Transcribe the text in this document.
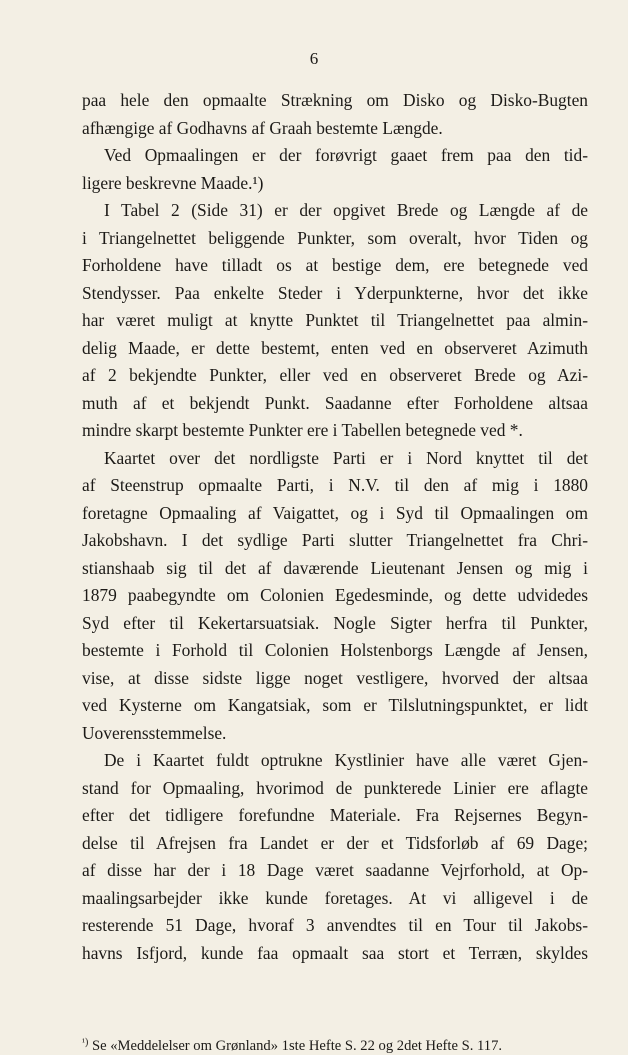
6
paa hele den opmaalte Strækning om Disko og Disko-Bugten
afhængige af Godhavns af Graah bestemte Længde.
Ved Opmaalingen er der forøvrigt gaaet frem paa den tid-
ligere beskrevne Maade.¹)
I Tabel 2 (Side 31) er der opgivet Brede og Længde af de
i Triangelnettet beliggende Punkter, som overalt, hvor Tiden og
Forholdene have tilladt os at bestige dem, ere betegnede ved
Stendysser. Paa enkelte Steder i Yderpunkterne, hvor det ikke
har været muligt at knytte Punktet til Triangelnettet paa almin-
delig Maade, er dette bestemt, enten ved en observeret Azimuth
af 2 bekjendte Punkter, eller ved en observeret Brede og Azi-
muth af et bekjendt Punkt. Saadanne efter Forholdene altsaa
mindre skarpt bestemte Punkter ere i Tabellen betegnede ved *.
Kaartet over det nordligste Parti er i Nord knyttet til det
af Steenstrup opmaalte Parti, i N.V. til den af mig i 1880
foretagne Opmaaling af Vaigattet, og i Syd til Opmaalingen om
Jakobshavn. I det sydlige Parti slutter Triangelnettet fra Chri-
stianshaab sig til det af daværende Lieutenant Jensen og mig i
1879 paabegyndte om Colonien Egedesminde, og dette udvidedes
Syd efter til Kekertarsuatsiak. Nogle Sigter herfra til Punkter,
bestemte i Forhold til Colonien Holstenborgs Længde af Jensen,
vise, at disse sidste ligge noget vestligere, hvorved der altsaa
ved Kysterne om Kangatsiak, som er Tilslutningspunktet, er lidt
Uoverensstemmelse.
De i Kaartet fuldt optrukne Kystlinier have alle været Gjen-
stand for Opmaaling, hvorimod de punkterede Linier ere aflagte
efter det tidligere forefundne Materiale. Fra Rejsernes Begyn-
delse til Afrejsen fra Landet er der et Tidsforløb af 69 Dage;
af disse har der i 18 Dage været saadanne Vejrforhold, at Op-
maalingsarbejder ikke kunde foretages. At vi alligevel i de
resterende 51 Dage, hvoraf 3 anvendtes til en Tour til Jakobs-
havns Isfjord, kunde faa opmaalt saa stort et Terræn, skyldes
$^{^1)}$ Se «Meddelelser om Grønland» 1ste Hefte S. 22 og 2det Hefte S. 117.
